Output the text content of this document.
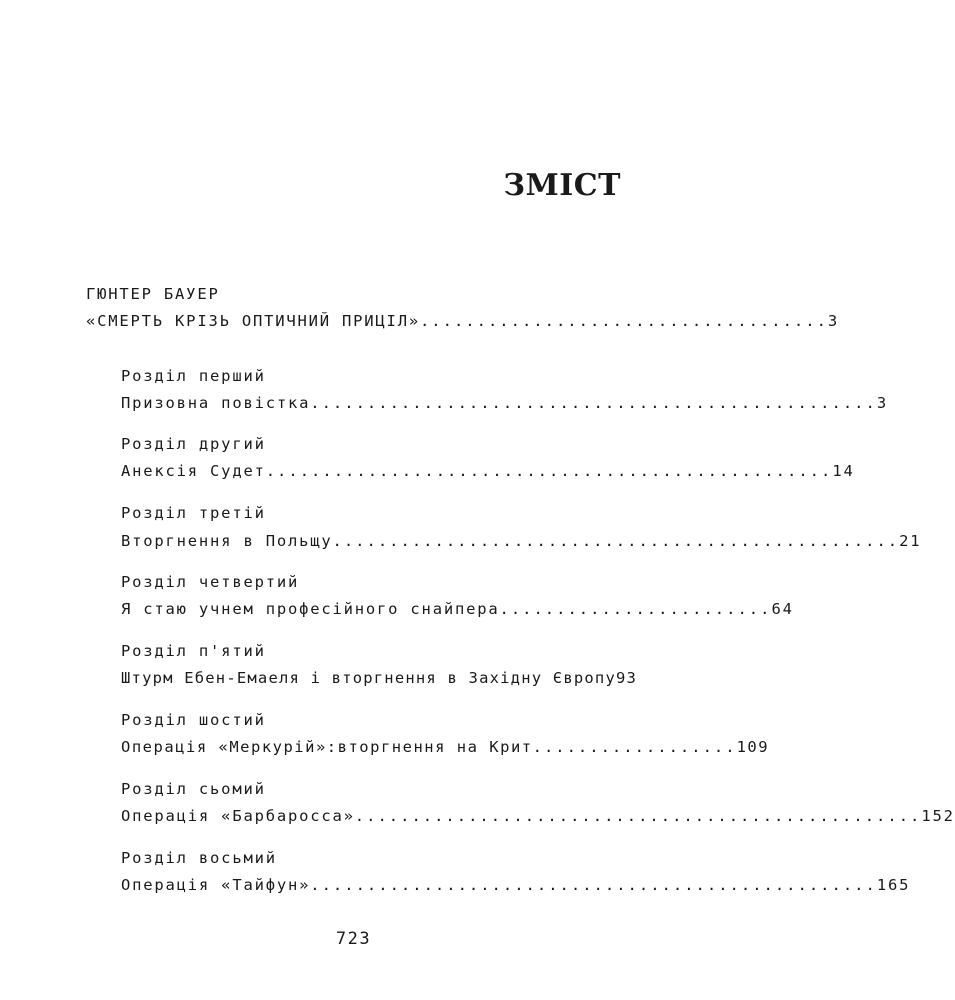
ЗМІСТ

ГЮНТЕР БАУЕР

«СМЕРТЬ КРІЗЬ ОПТИЧНИЙ ПРИЦІЛ» .................................... 3

Розділ перший

Призовна повістка .................................................. 3

Розділ другий

Анексія Судет .................................................. 14

Розділ третій

Вторгнення в Польщу .................................................. 21

Розділ четвертий

Я стаю учнем професійного снайпера ........................ 64

Розділ п'ятий

Штурм Ебен-Емаеля і вторгнення в Західну Європу 93

Розділ шостий

Операція «Меркурій»:вторгнення на Крит .................. 109

Розділ сьомий

Операція «Барбаросса» .................................................. 152

Розділ восьмий

Операція «Тайфун» .................................................. 165

723
